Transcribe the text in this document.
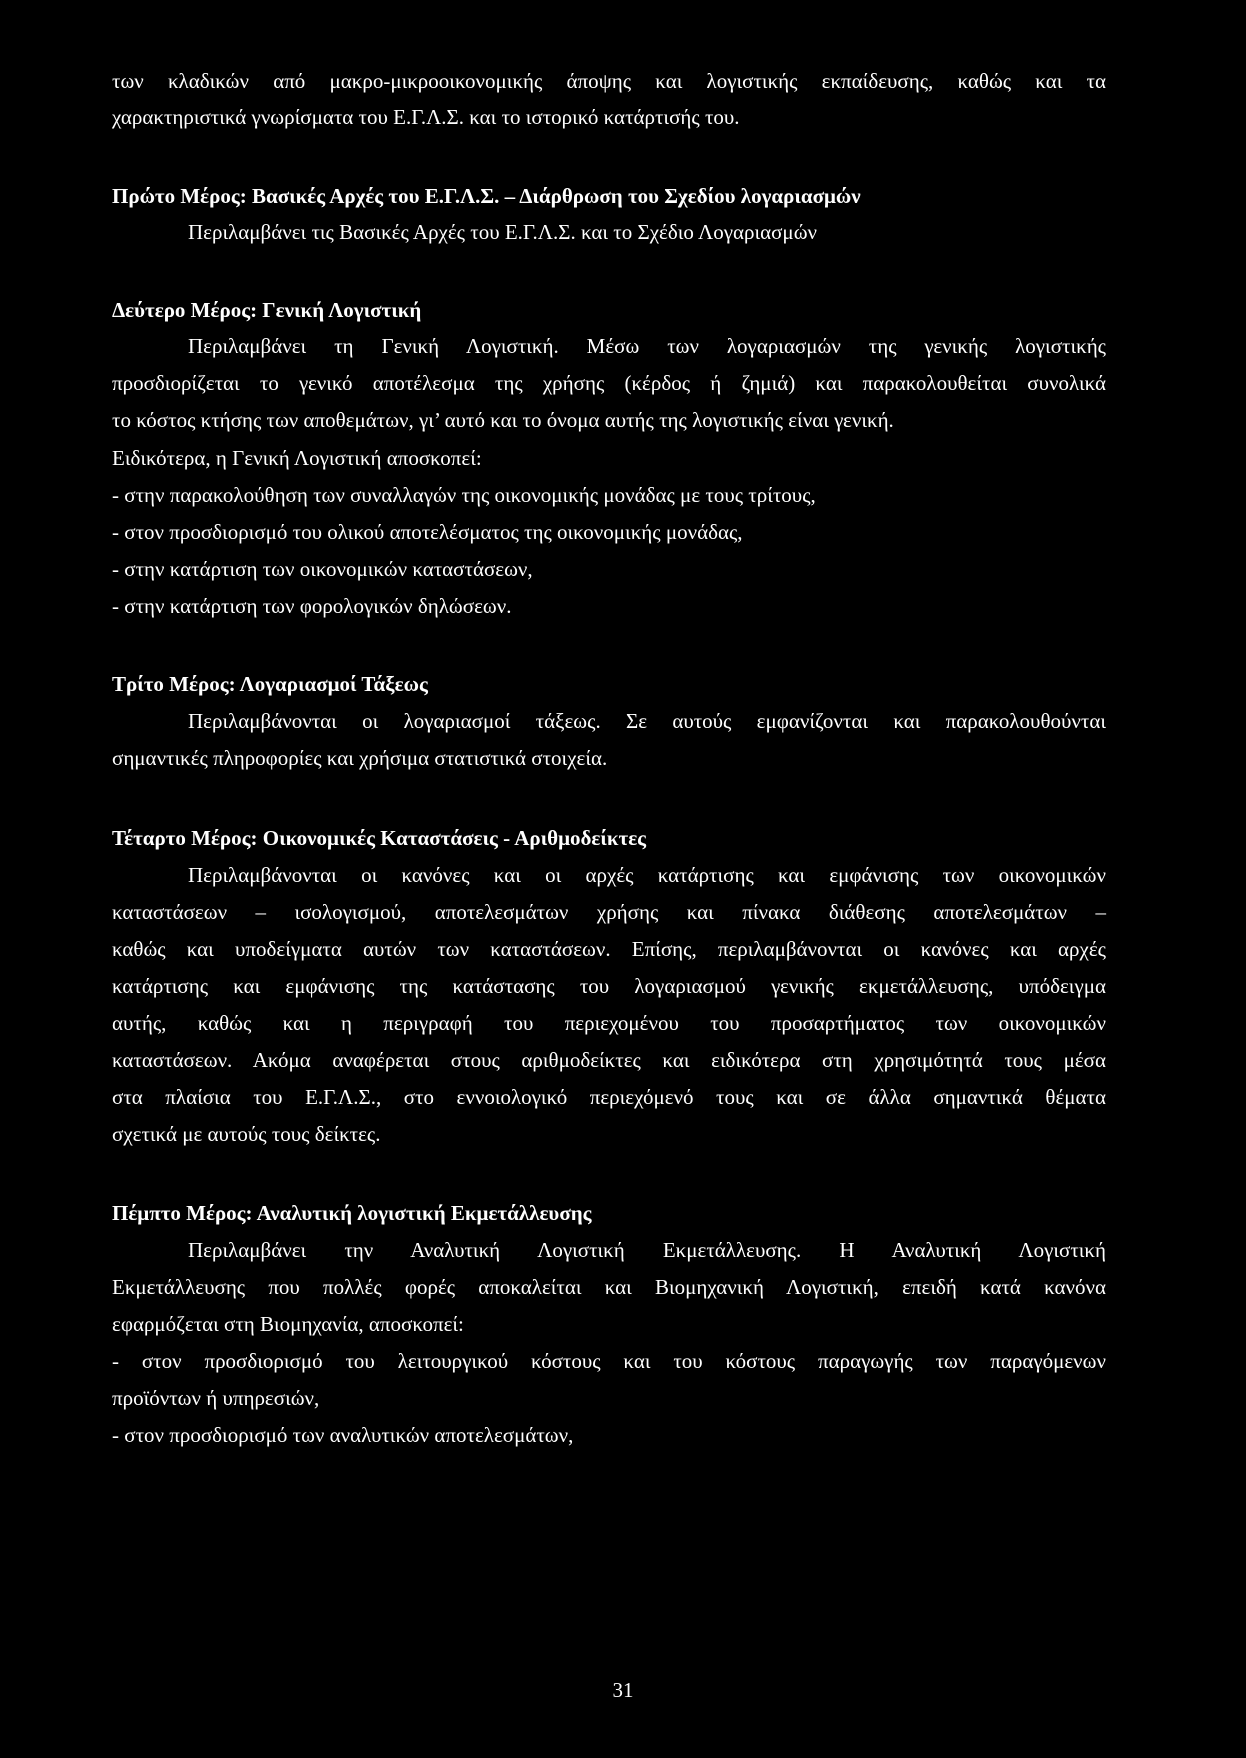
των κλαδικών από μακρο-μικροοικονομικής άποψης και λογιστικής εκπαίδευσης, καθώς και τα

χαρακτηριστικά γνωρίσματα του Ε.Γ.Λ.Σ. και το ιστορικό κατάρτισής του.

Πρώτο Μέρος: Βασικές Αρχές του Ε.Γ.Λ.Σ. – Διάρθρωση του Σχεδίου λογαριασμών

Περιλαμβάνει τις Βασικές Αρχές του Ε.Γ.Λ.Σ. και το Σχέδιο Λογαριασμών

Δεύτερο Μέρος: Γενική Λογιστική

Περιλαμβάνει τη Γενική Λογιστική. Μέσω των λογαριασμών της γενικής λογιστικής

προσδιορίζεται το γενικό αποτέλεσμα της χρήσης (κέρδος ή ζημιά) και παρακολουθείται συνολικά

το κόστος κτήσης των αποθεμάτων, γι’ αυτό και το όνομα αυτής της λογιστικής είναι γενική.

Ειδικότερα, η Γενική Λογιστική αποσκοπεί:

- στην παρακολούθηση των συναλλαγών της οικονομικής μονάδας με τους τρίτους,

- στον προσδιορισμό του ολικού αποτελέσματος της οικονομικής μονάδας,

- στην κατάρτιση των οικονομικών καταστάσεων,

- στην κατάρτιση των φορολογικών δηλώσεων.

Τρίτο Μέρος: Λογαριασμοί Τάξεως

Περιλαμβάνονται οι λογαριασμοί τάξεως. Σε αυτούς εμφανίζονται και παρακολουθούνται

σημαντικές πληροφορίες και χρήσιμα στατιστικά στοιχεία.

Τέταρτο Μέρος: Οικονομικές Καταστάσεις - Αριθμοδείκτες

Περιλαμβάνονται οι κανόνες και οι αρχές κατάρτισης και εμφάνισης των οικονομικών

καταστάσεων – ισολογισμού, αποτελεσμάτων χρήσης και πίνακα διάθεσης αποτελεσμάτων –

καθώς και υποδείγματα αυτών των καταστάσεων. Επίσης, περιλαμβάνονται οι κανόνες και αρχές

κατάρτισης και εμφάνισης της κατάστασης του λογαριασμού γενικής εκμετάλλευσης, υπόδειγμα

αυτής, καθώς και η περιγραφή του περιεχομένου του προσαρτήματος των οικονομικών

καταστάσεων. Ακόμα αναφέρεται στους αριθμοδείκτες και ειδικότερα στη χρησιμότητά τους μέσα

στα πλαίσια του Ε.Γ.Λ.Σ., στο εννοιολογικό περιεχόμενό τους και σε άλλα σημαντικά θέματα

σχετικά με αυτούς τους δείκτες.

Πέμπτο Μέρος: Αναλυτική λογιστική Εκμετάλλευσης

Περιλαμβάνει την Αναλυτική Λογιστική Εκμετάλλευσης. Η Αναλυτική Λογιστική

Εκμετάλλευσης που πολλές φορές αποκαλείται και Βιομηχανική Λογιστική, επειδή κατά κανόνα

εφαρμόζεται στη Βιομηχανία, αποσκοπεί:

- στον προσδιορισμό του λειτουργικού κόστους και του κόστους παραγωγής των παραγόμενων

προϊόντων ή υπηρεσιών,

- στον προσδιορισμό των αναλυτικών αποτελεσμάτων,

31
